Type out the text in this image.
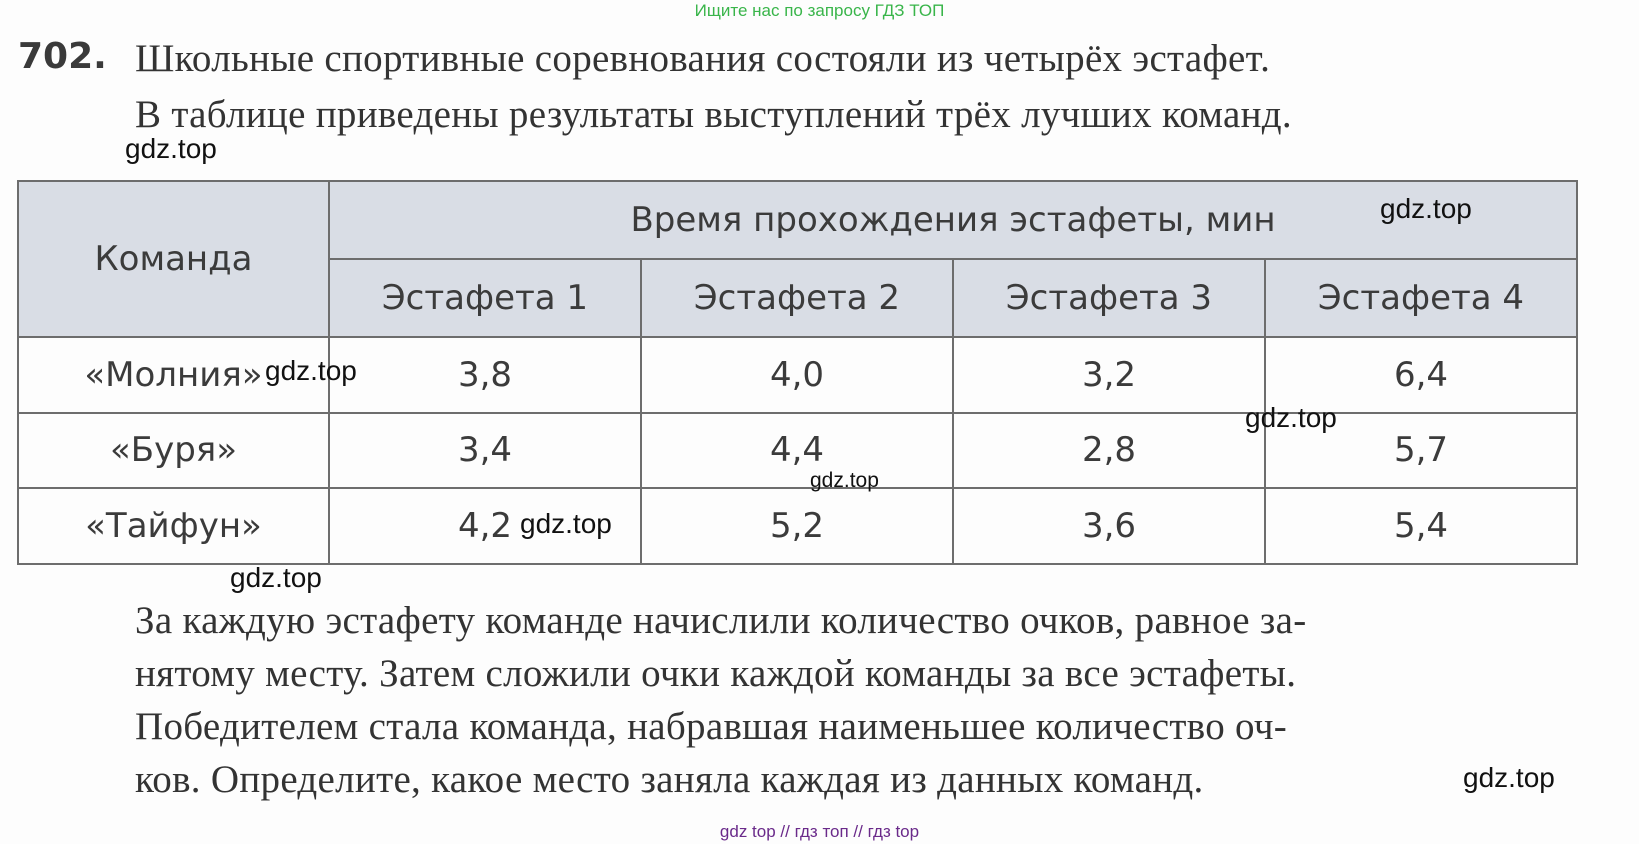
Ищите нас по запросу ГДЗ ТОП
702. Школьные спортивные соревнования состояли из четырёх эстафет.
В таблице приведены результаты выступлений трёх лучших команд.
Команда	Время прохождения эстафеты, мин			
	Эстафета 1	Эстафета 2	Эстафета 3	Эстафета 4
«Молния»	3,8	4,0	3,2	6,4
«Буря»	3,4	4,4	2,8	5,7
«Тайфун»	4,2	5,2	3,6	5,4
За каждую эстафету команде начислили количество очков, равное за-
нятому месту. Затем сложили очки каждой команды за все эстафеты.
Победителем стала команда, набравшая наименьшее количество оч-
ков. Определите, какое место заняла каждая из данных команд.
gdz.top
gdz.top
gdz.top
gdz.top
gdz.top
gdz.top
gdz.top
gdz.top
gdz top // гдз топ // гдз top
